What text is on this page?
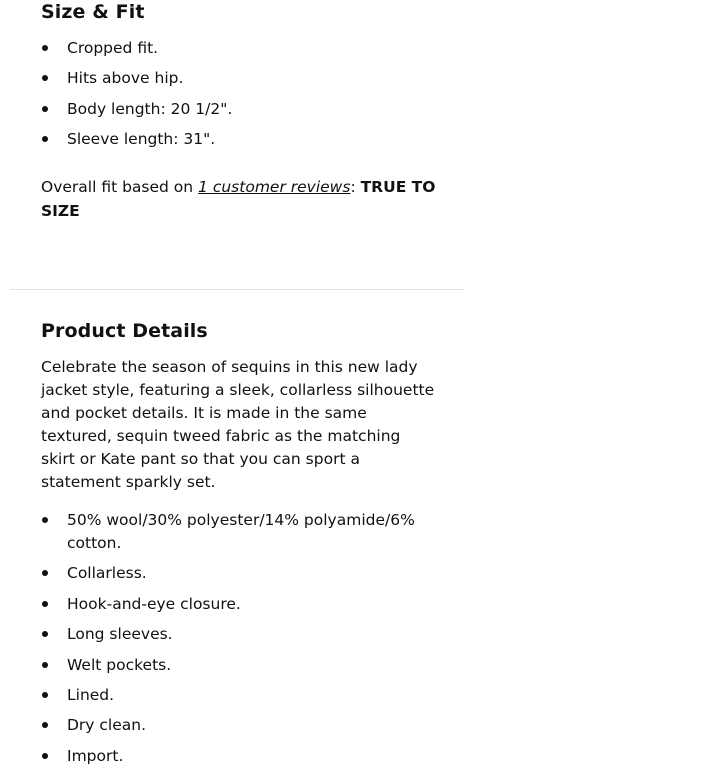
Size & Fit
Cropped fit.
Hits above hip.
Body length: 20 1/2".
Sleeve length: 31".

Overall fit based on 1 customer reviews: TRUE TO SIZE

Product Details

Celebrate the season of sequins in this new lady jacket style, featuring a sleek, collarless silhouette and pocket details. It is made in the same textured, sequin tweed fabric as the matching skirt or Kate pant so that you can sport a statement sparkly set.

50% wool/30% polyester/14% polyamide/6% cotton.
Collarless.
Hook-and-eye closure.
Long sleeves.
Welt pockets.
Lined.
Dry clean.
Import.
